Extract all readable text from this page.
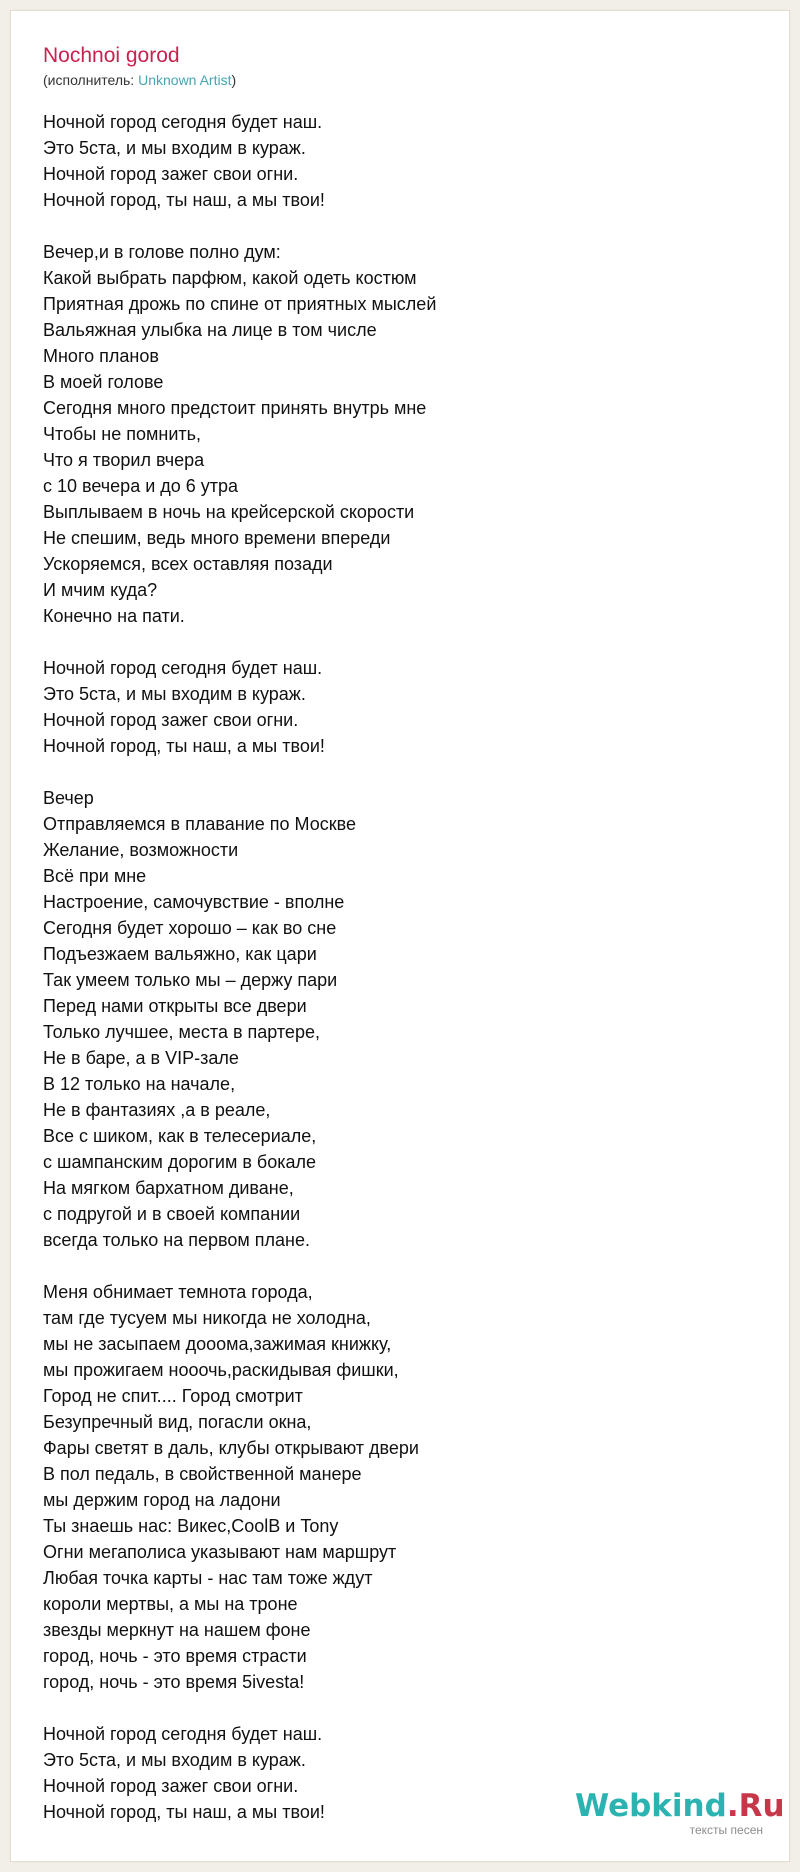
Nochnoi gorod
(исполнитель: Unknown Artist)
Ночной город сегодня будет наш.
Это 5ста, и мы входим в кураж.
Ночной город зажег свои огни.
Ночной город, ты наш, а мы твои!
Вечер,и в голове полно дум:
Какой выбрать парфюм, какой одеть костюм
Приятная дрожь по спине от приятных мыслей
Вальяжная улыбка на лице в том числе
Много планов
В моей голове
Сегодня много предстоит принять внутрь мне
Чтобы не помнить,
Что я творил вчера
с 10 вечера и до 6 утра
Выплываем в ночь на крейсерской скорости
Не спешим, ведь много времени впереди
Ускоряемся, всех оставляя позади
И мчим куда?
Конечно на пати.
Ночной город сегодня будет наш.
Это 5ста, и мы входим в кураж.
Ночной город зажег свои огни.
Ночной город, ты наш, а мы твои!
Вечер
Отправляемся в плавание по Москве
Желание, возможности
Всё при мне
Настроение, самочувствие - вполне
Сегодня будет хорошо – как во сне
Подъезжаем вальяжно, как цари
Так умеем только мы – держу пари
Перед нами открыты все двери
Только лучшее, места в партере,
Не в баре, а в VIP-зале
В 12 только на начале,
Не в фантазиях ,а в реале,
Все с шиком, как в телесериале,
с шампанским дорогим в бокале
На мягком бархатном диване,
с подругой и в своей компании
всегда только на первом плане.
Меня обнимает темнота города,
там где тусуем мы никогда не холодна,
мы не засыпаем дооома,зажимая книжку,
мы прожигаем нооочь,раскидывая фишки,
Город не спит.... Город смотрит
Безупречный вид, погасли окна,
Фары светят в даль, клубы открывают двери
В пол педаль, в свойственной манере
мы держим город на ладони
Ты знаешь нас: Викес,CoolB и Tony
Огни мегаполиса указывают нам маршрут
Любая точка карты - нас там тоже ждут
короли мертвы, а мы на троне
звезды меркнут на нашем фоне
город, ночь - это время страсти
город, ночь - это время 5ivesta!
Ночной город сегодня будет наш.
Это 5ста, и мы входим в кураж.
Ночной город зажег свои огни.
Ночной город, ты наш, а мы твои!	Webkind.Ru
тексты песен
